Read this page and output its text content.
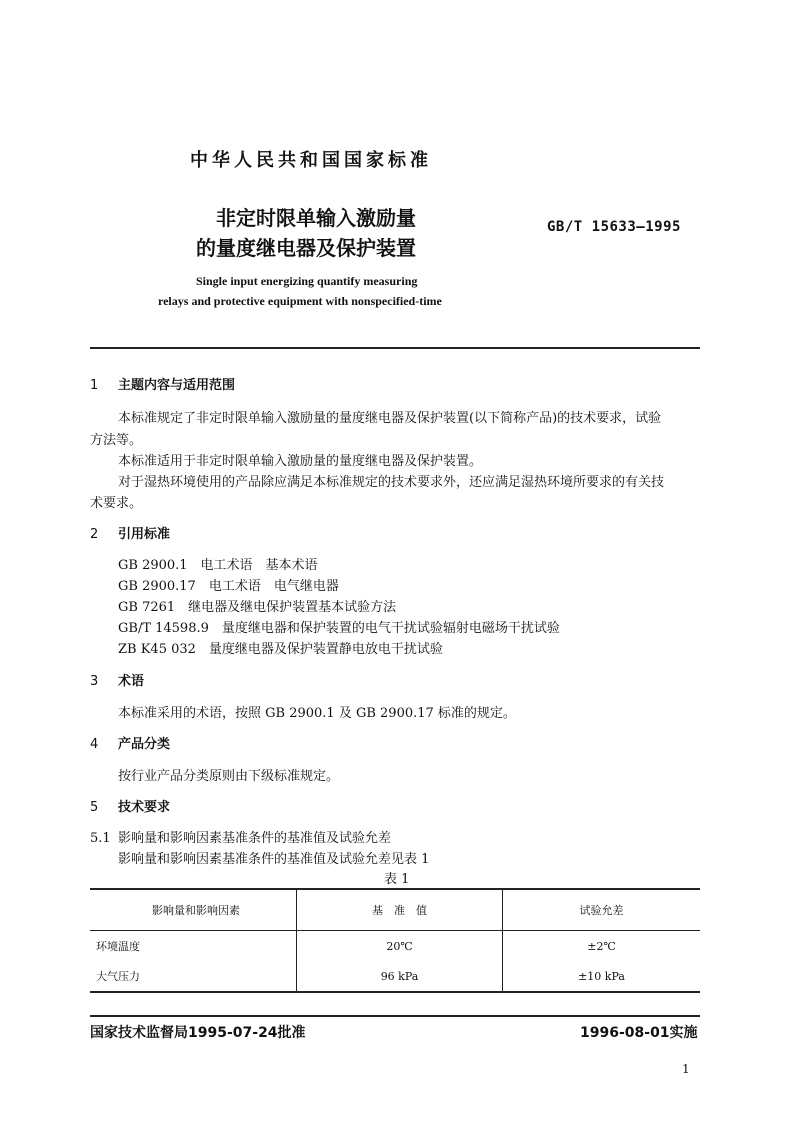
中华人民共和国国家标准
非定时限单输入激励量
的量度继电器及保护装置
GB/T 15633—1995
Single input energizing quantify measuring
relays and protective equipment with nonspecified-time
1 主题内容与适用范围
本标准规定了非定时限单输入激励量的量度继电器及保护装置(以下简称产品)的技术要求，试验
方法等。
本标准适用于非定时限单输入激励量的量度继电器及保护装置。
对于湿热环境使用的产品除应满足本标准规定的技术要求外，还应满足湿热环境所要求的有关技
术要求。
2 引用标准
GB 2900.1　电工术语　基本术语
GB 2900.17　电工术语　电气继电器
GB 7261　继电器及继电保护装置基本试验方法
GB/T 14598.9　量度继电器和保护装置的电气干扰试验辐射电磁场干扰试验
ZB K45 032　量度继电器及保护装置静电放电干扰试验
3 术语
本标准采用的术语，按照 GB 2900.1 及 GB 2900.17 标准的规定。
4 产品分类
按行业产品分类原则由下级标准规定。
5 技术要求
5.1 影响量和影响因素基准条件的基准值及试验允差
影响量和影响因素基准条件的基准值及试验允差见表 1
表 1
影响量和影响因素	基　准　值	试验允差
环境温度	20℃	±2℃
大气压力	96 kPa	±10 kPa
国家技术监督局1995-07-24批准	1996-08-01实施
1
